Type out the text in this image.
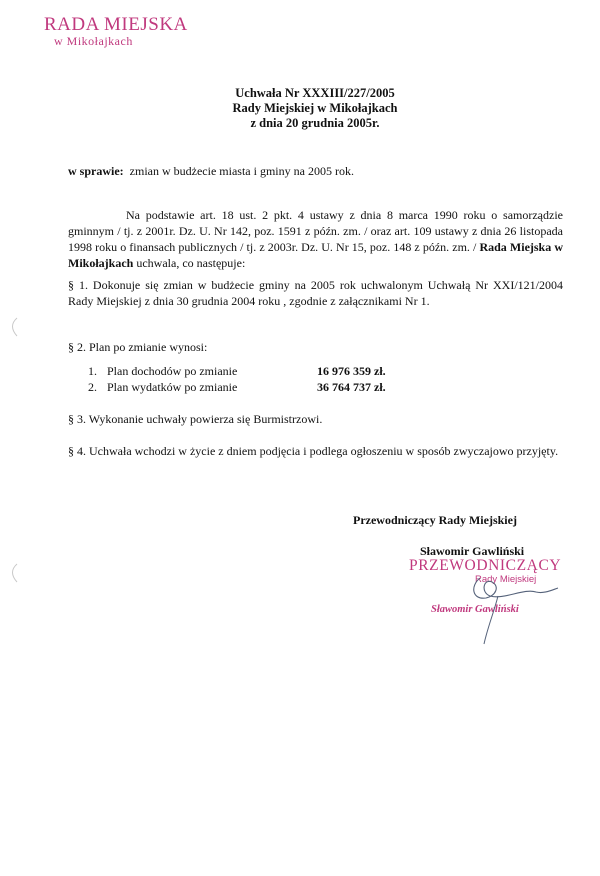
RADA MIEJSKA
w Mikołajkach
Uchwała Nr XXXIII/227/2005
Rady Miejskiej w Mikołajkach
z dnia 20 grudnia 2005r.

w sprawie: zmian w budżecie miasta i gminy na 2005 rok.

Na podstawie art. 18 ust. 2 pkt. 4 ustawy z dnia 8 marca 1990 roku o samorządzie gminnym / tj. z 2001r. Dz. U. Nr 142, poz. 1591 z późn. zm. / oraz art. 109 ustawy z dnia 26 listopada 1998 roku o finansach publicznych / tj. z 2003r. Dz. U. Nr 15, poz. 148 z późn. zm. / Rada Miejska w Mikołajkach uchwala, co następuje:

§ 1. Dokonuje się zmian w budżecie gminy na 2005 rok uchwalonym Uchwałą Nr XXI/121/2004 Rady Miejskiej z dnia 30 grudnia 2004 roku , zgodnie z załącznikami Nr 1.

§ 2. Plan po zmianie wynosi:

1. Plan dochodów po zmianie	16 976 359 zł.
2. Plan wydatków po zmianie	36 764 737 zł.

§ 3. Wykonanie uchwały powierza się Burmistrzowi.

§ 4. Uchwała wchodzi w życie z dniem podjęcia i podlega ogłoszeniu w sposób zwyczajowo przyjęty.

Przewodniczący Rady Miejskiej
Sławomir Gawliński
PRZEWODNICZĄCY
Rady Miejskiej
Sławomir Gawliński
